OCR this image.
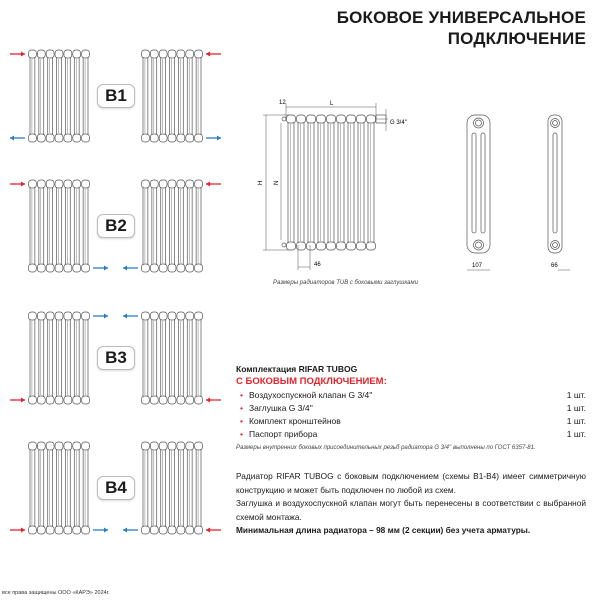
БОКОВОЕ УНИВЕРСАЛЬНОЕ
ПОДКЛЮЧЕНИЕ
B1
B2
B3
B4
12	L
H N
46
G 3/4''
107	66
Размеры радиаторов TUB с боковыми заглушками
Комплектация RIFAR TUBOG
С БОКОВЫМ ПОДКЛЮЧЕНИЕМ:
• Воздухоспускной клапан G 3/4''	1 шт.
• Заглушка G 3/4''	1 шт.
• Комплект кронштейнов	1 шт.
• Паспорт прибора	1 шт.
Размеры внутренних боковых присоединительных резьб радиатора G 3/4'' выполнены по ГОСТ 6357-81.
Радиатор RIFAR TUBOG с боковым подключением (схемы В1-В4) имеет симметричную конструкцию и может быть подключен по любой из схем.
Заглушка и воздухоспускной клапан могут быть перенесены в соответствии с выбранной схемой монтажа.
Минимальная длина радиатора – 98 мм (2 секции) без учета арматуры.
все права защищены ООО «КАРЭ» 2024г.
